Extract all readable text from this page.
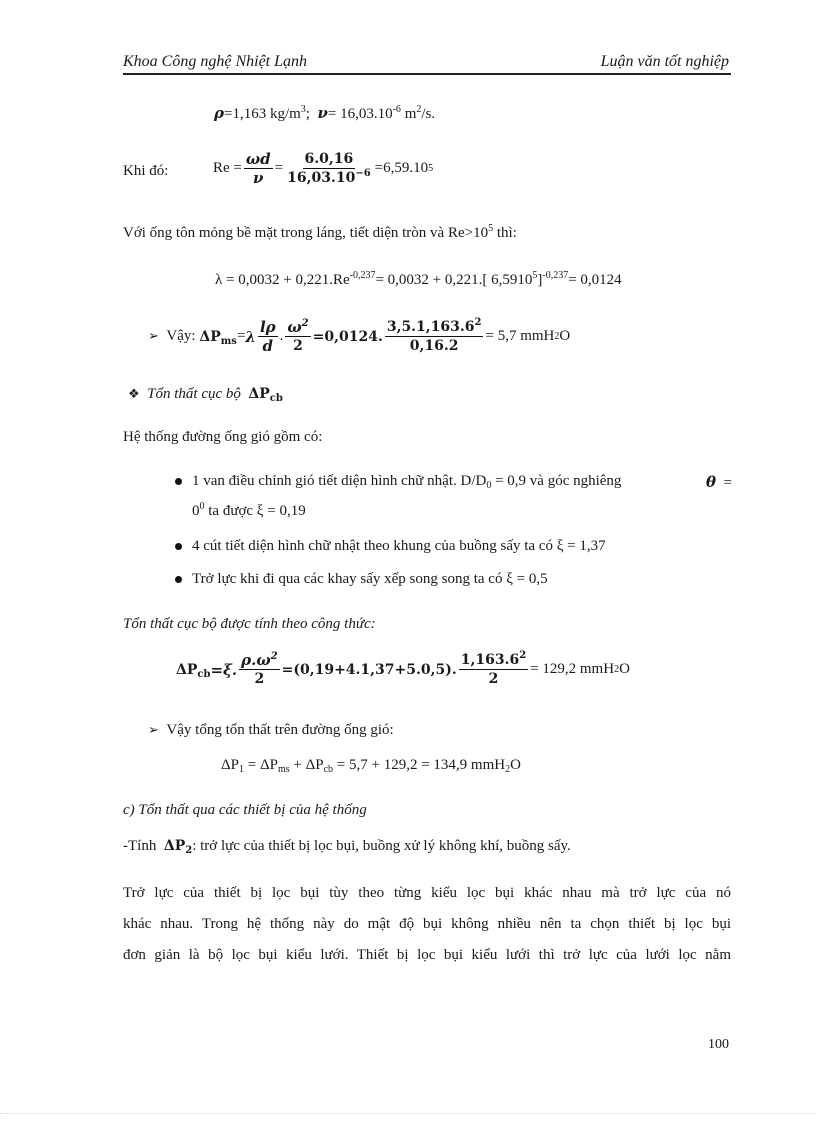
Khoa Công nghệ Nhiệt Lạnh	Luận văn tốt nghiệp
ρ=1,163 $kg/m^3$; $\nu= 16,03.10^{-6}$ $m^2/s$.
Khi đó:	$Re = \frac{\omega d}{\nu} = \frac{6.0,16}{16,03.10^{-6}} =6,59.10$ 5
Với ống tôn mỏng bề mặt trong láng, tiết diện tròn và $Re>10^5$ thì:
$\lambda = 0,0032 + 0,221.Re^{-0,237}= 0,0032 + 0,221$.[ $6,5910^5]^{-0,237}= 0,0124$
➢
Vậy:
$\Delta P_{ms} = \lambda \frac{l\rho}{d}$ . $\frac{\omega^2}{2} =0,0124$. $\frac{3,5.1,163.6^2}{0,16.2} = 5,7$ mmH 2 O
❖ Tổn thất cục bộ $\Delta P_{cb}$
Hệ thống đường ống gió gồm có:
1 van điều chỉnh gió tiết diện hình chữ nhật. $D/D_0 = 0,9$ và góc nghiêng	θ =
$0^0$ ta được ξ = 0,19
4 cút tiết diện hình chữ nhật theo khung của buồng sấy ta có ξ = 1,37
Trở lực khi đi qua các khay sấy xếp song song ta có ξ = 0,5
Tổn thất cục bộ được tính theo công thức:
$\Delta P_{cb} =\xi$. $\frac{\rho.\omega^2}{2} =(0,19+4.1,37+5.0,5)$. $\frac{1,163.6^2}{2} = 129,2$ mmH 2 O
➢ Vậy tổng tổn thất trên đường ống gió:
$\Delta P_1 = \Delta P_{ms} + \Delta P_{cb} = 5,7 + 129,2 = 134,9$ mmH$_2$O
c) Tổn thất qua các thiết bị của hệ thống
-Tính $\Delta P_2$: trở lực của thiết bị lọc bụi, buồng xử lý không khí, buồng sấy.
Trở lực của thiết bị lọc bụi tùy theo từng kiểu lọc bụi khác nhau mà trở lực của nó
khác nhau. Trong hệ thống này do mật độ bụi không nhiều nên ta chọn thiết bị lọc bụi
đơn giản là bộ lọc bụi kiểu lưới. Thiết bị lọc bụi kiểu lưới thì trở lực của lưới lọc nằm
100
